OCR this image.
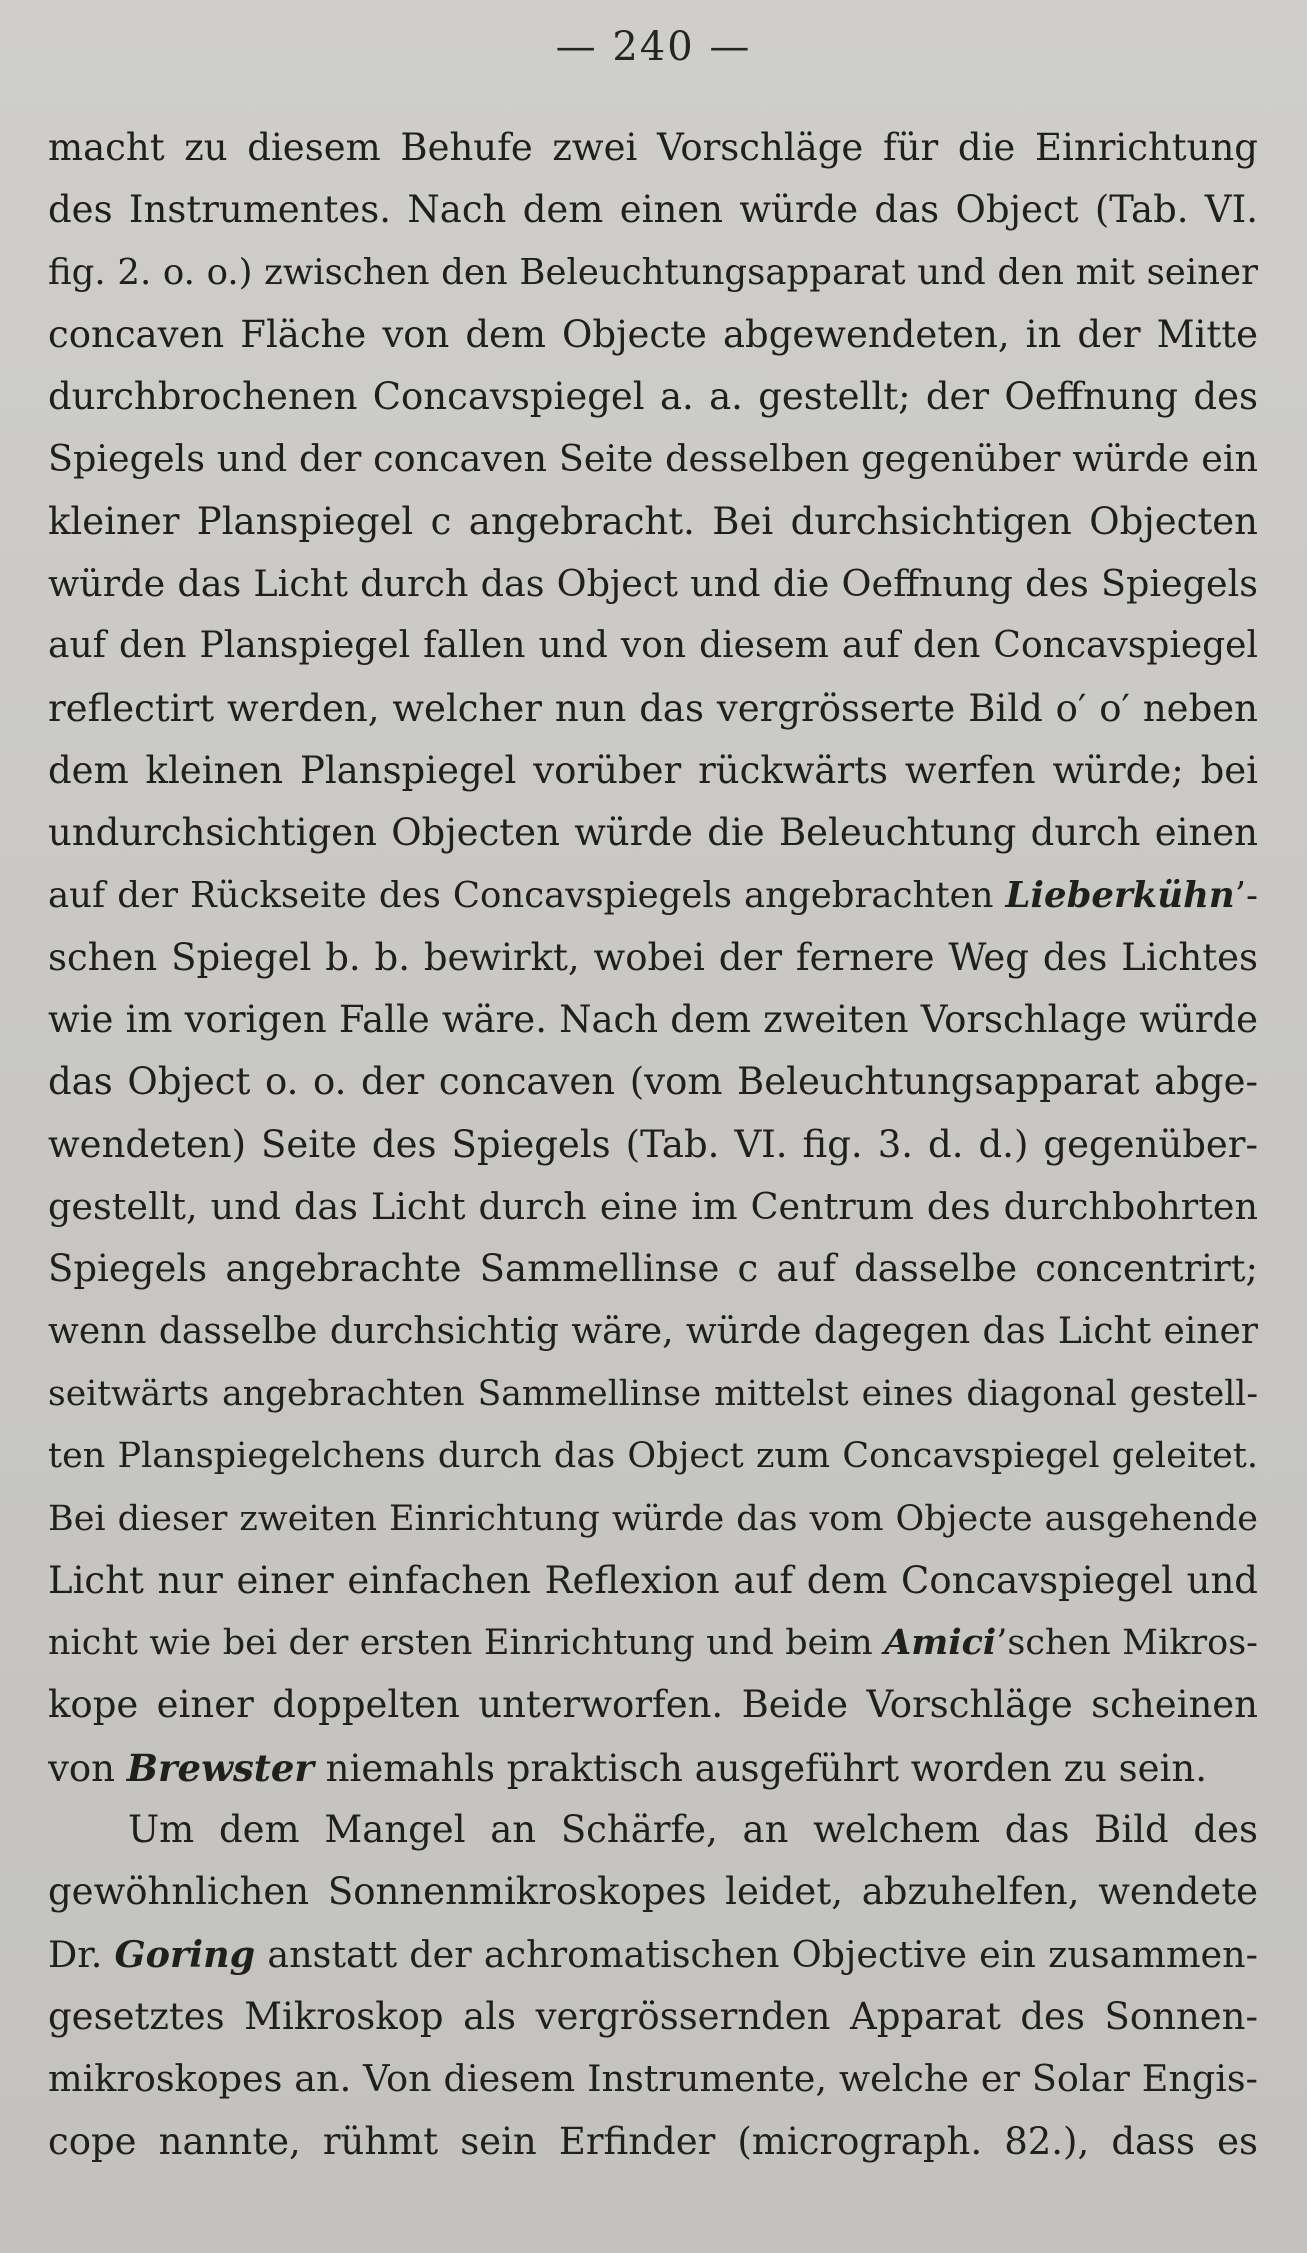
— 240 —
macht zu diesem Behufe zwei Vorschläge für die Einrichtung
des Instrumentes. Nach dem einen würde das Object (Tab. VI.
fig. 2. o. o.) zwischen den Beleuchtungsapparat und den mit seiner
concaven Fläche von dem Objecte abgewendeten, in der Mitte
durchbrochenen Concavspiegel a. a. gestellt; der Oeffnung des
Spiegels und der concaven Seite desselben gegenüber würde ein
kleiner Planspiegel c angebracht. Bei durchsichtigen Objecten
würde das Licht durch das Object und die Oeffnung des Spiegels
auf den Planspiegel fallen und von diesem auf den Concavspiegel
reflectirt werden, welcher nun das vergrösserte Bild o′ o′ neben
dem kleinen Planspiegel vorüber rückwärts werfen würde; bei
undurchsichtigen Objecten würde die Beleuchtung durch einen
auf der Rückseite des Concavspiegels angebrachten Lieberkühn’-
schen Spiegel b. b. bewirkt, wobei der fernere Weg des Lichtes
wie im vorigen Falle wäre. Nach dem zweiten Vorschlage würde
das Object o. o. der concaven (vom Beleuchtungsapparat abge-
wendeten) Seite des Spiegels (Tab. VI. fig. 3. d. d.) gegenüber-
gestellt, und das Licht durch eine im Centrum des durchbohrten
Spiegels angebrachte Sammellinse c auf dasselbe concentrirt;
wenn dasselbe durchsichtig wäre, würde dagegen das Licht einer
seitwärts angebrachten Sammellinse mittelst eines diagonal gestell-
ten Planspiegelchens durch das Object zum Concavspiegel geleitet.
Bei dieser zweiten Einrichtung würde das vom Objecte ausgehende
Licht nur einer einfachen Reflexion auf dem Concavspiegel und
nicht wie bei der ersten Einrichtung und beim Amici’schen Mikros-
kope einer doppelten unterworfen. Beide Vorschläge scheinen
von Brewster niemahls praktisch ausgeführt worden zu sein.
Um dem Mangel an Schärfe, an welchem das Bild des
gewöhnlichen Sonnenmikroskopes leidet, abzuhelfen, wendete
Dr. Goring anstatt der achromatischen Objective ein zusammen-
gesetztes Mikroskop als vergrössernden Apparat des Sonnen-
mikroskopes an. Von diesem Instrumente, welche er Solar Engis-
cope nannte, rühmt sein Erfinder (micrograph. 82.), dass es
